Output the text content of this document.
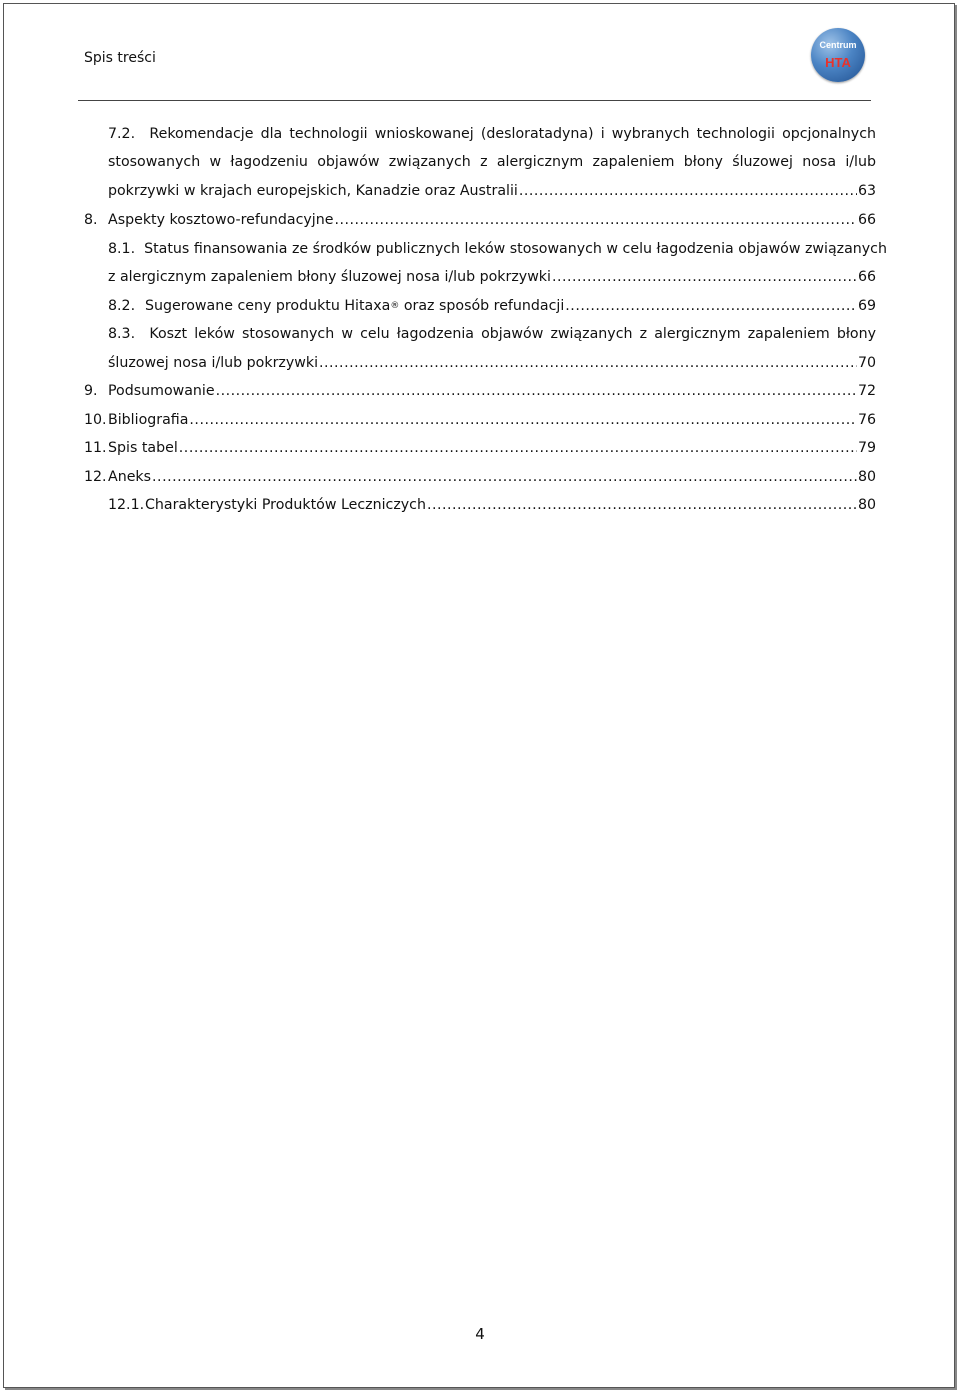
Spis treści
Centrum
HTA
7.2. Rekomendacje dla technologii wnioskowanej (desloratadyna) i wybranych technologii opcjonalnych
stosowanych w łagodzeniu objawów związanych z alergicznym zapaleniem błony śluzowej nosa i/lub
pokrzywki w krajach europejskich, Kanadzie oraz Australii .....	63
8. Aspekty kosztowo-refundacyjne .....	66
8.1. Status finansowania ze środków publicznych leków stosowanych w celu łagodzenia objawów związanych
z alergicznym zapaleniem błony śluzowej nosa i/lub pokrzywki .....	66
8.2. Sugerowane ceny produktu Hitaxa ® oraz sposób refundacji .....	69
8.3. Koszt leków stosowanych w celu łagodzenia objawów związanych z alergicznym zapaleniem błony
śluzowej nosa i/lub pokrzywki .....	70
9. Podsumowanie .....	72
10. Bibliografia .....	76
11. Spis tabel .....	79
12. Aneks .....	80
12.1. Charakterystyki Produktów Leczniczych .....	80
4
